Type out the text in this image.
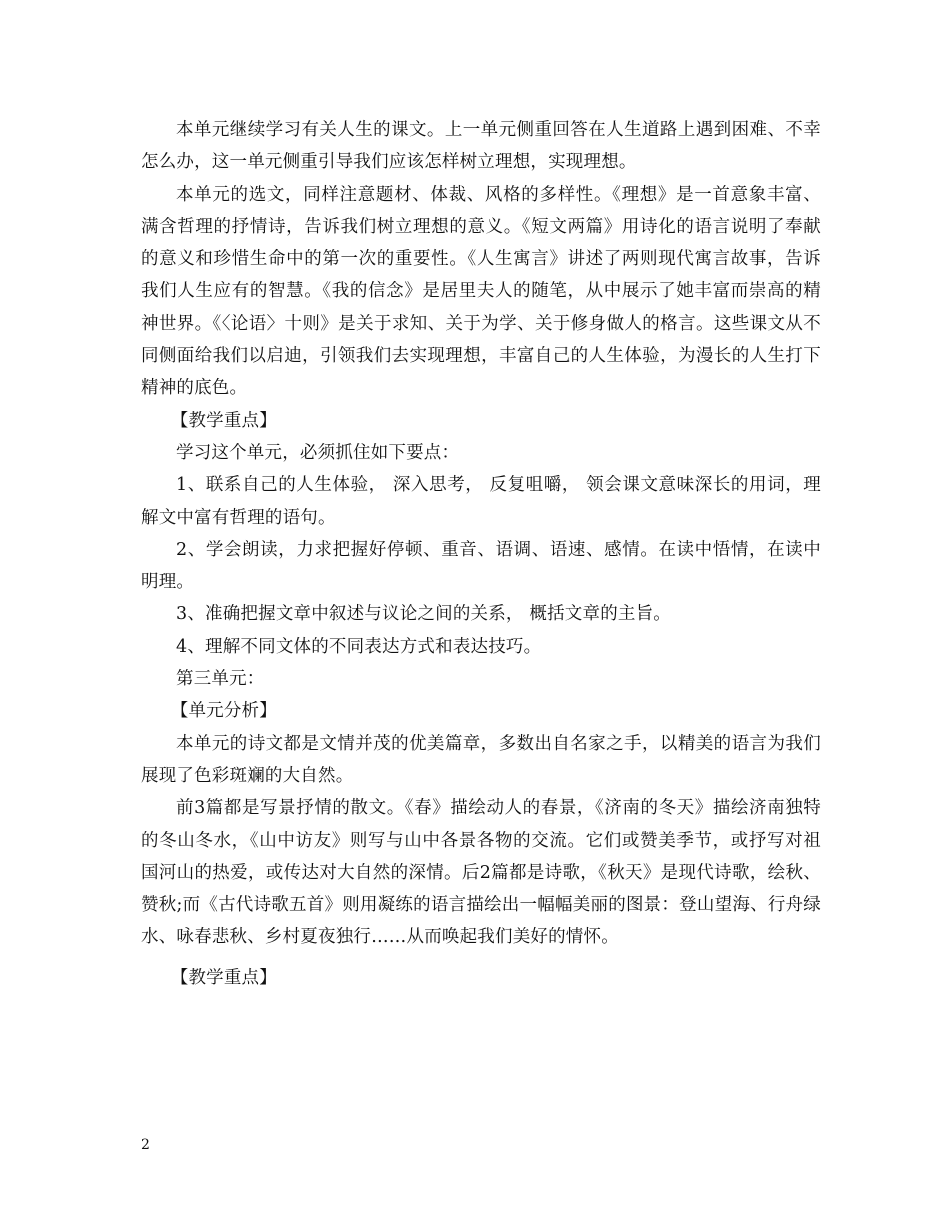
本单元继续学习有关人生的课文。上一单元侧重回答在人生道路上遇到困难、不幸怎么办，这一单元侧重引导我们应该怎样树立理想，实现理想。

本单元的选文，同样注意题材、体裁、风格的多样性。《理想》是一首意象丰富、满含哲理的抒情诗，告诉我们树立理想的意义。《短文两篇》用诗化的语言说明了奉献的意义和珍惜生命中的第一次的重要性。《人生寓言》讲述了两则现代寓言故事，告诉我们人生应有的智慧。《我的信念》是居里夫人的随笔，从中展示了她丰富而崇高的精神世界。《〈论语〉十则》是关于求知、关于为学、关于修身做人的格言。这些课文从不同侧面给我们以启迪，引领我们去实现理想，丰富自己的人生体验，为漫长的人生打下精神的底色。

【教学重点】

学习这个单元，必须抓住如下要点：

1、联系自己的人生体验， 深入思考， 反复咀嚼， 领会课文意味深长的用词，理解文中富有哲理的语句。

2、学会朗读，力求把握好停顿、重音、语调、语速、感情。在读中悟情，在读中明理。

3、准确把握文章中叙述与议论之间的关系， 概括文章的主旨。

4、理解不同文体的不同表达方式和表达技巧。

第三单元：

【单元分析】

本单元的诗文都是文情并茂的优美篇章，多数出自名家之手，以精美的语言为我们展现了色彩斑斓的大自然。

前3篇都是写景抒情的散文。《春》描绘动人的春景，《济南的冬天》描绘济南独特的冬山冬水，《山中访友》则写与山中各景各物的交流。它们或赞美季节，或抒写对祖国河山的热爱，或传达对大自然的深情。后2篇都是诗歌，《秋天》是现代诗歌，绘秋、赞秋;而《古代诗歌五首》则用凝练的语言描绘出一幅幅美丽的图景：登山望海、行舟绿水、咏春悲秋、乡村夏夜独行……从而唤起我们美好的情怀。

【教学重点】

2
